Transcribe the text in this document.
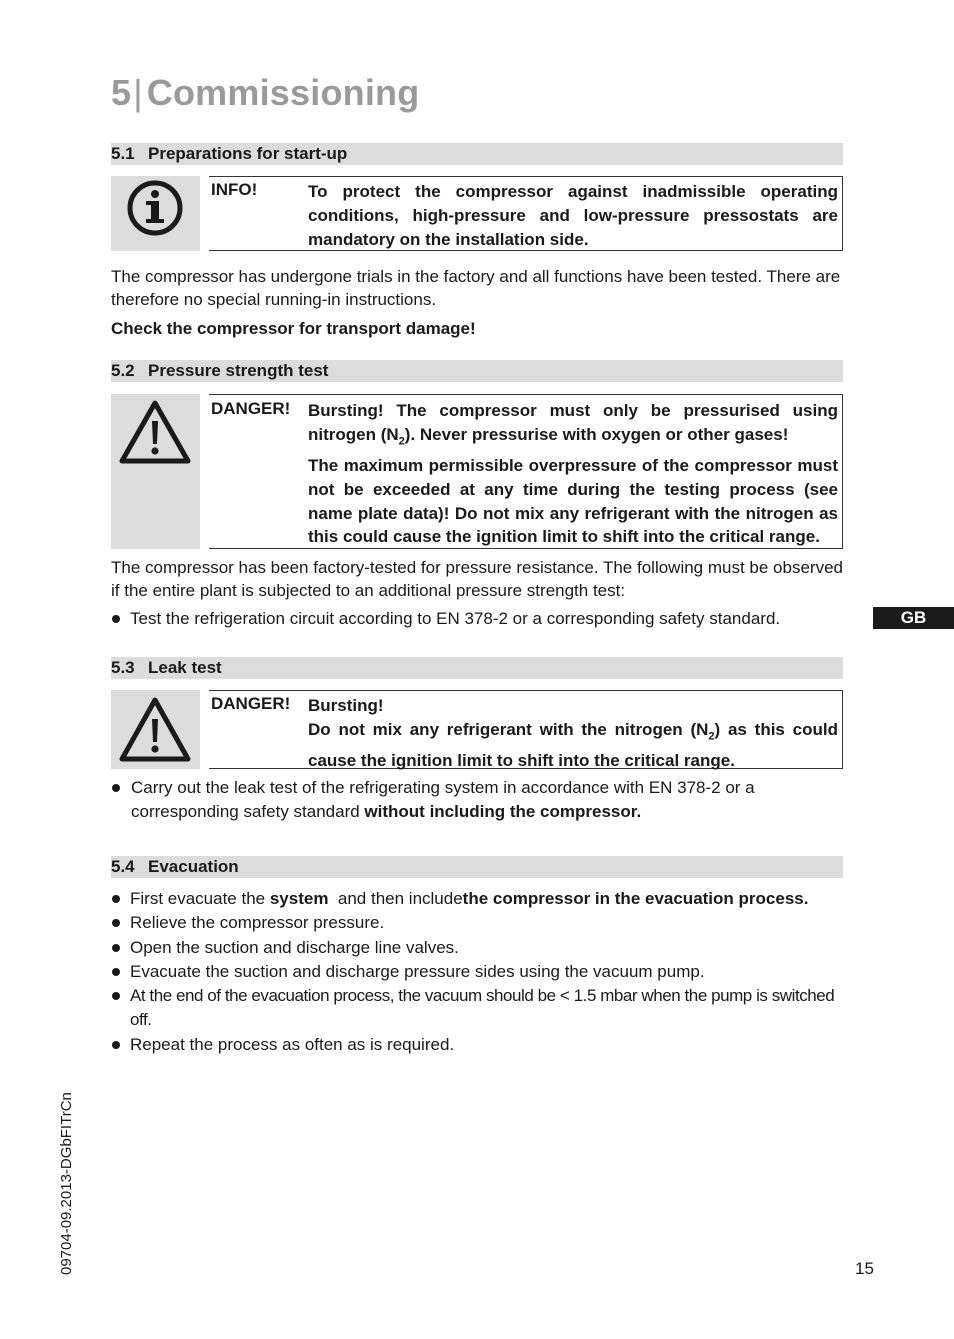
5| Commissioning
5.1 Preparations for start-up
INFO!	To protect the compressor against inadmissible operating conditions, high-pressure and low-pressure pressostats are mandatory on the installation side.
The compressor has undergone trials in the factory and all functions have been tested. There are therefore no special running-in instructions.
Check the compressor for transport damage!
5.2 Pressure strength test
DANGER! Bursting! The compressor must only be pressurised using nitrogen $(N_2)$. Never pressurise with oxygen or other gases!
The maximum permissible overpressure of the compressor must not be exceeded at any time during the testing process (see name plate data)! Do not mix any refrigerant with the nitrogen as this could cause the ignition limit to shift into the critical range.
The compressor has been factory-tested for pressure resistance. The following must be observed if the entire plant is subjected to an additional pressure strength test:
Test the refrigeration circuit according to EN 378-2 or a corresponding safety standard.
5.3 Leak test
DANGER! Bursting!
Do not mix any refrigerant with the nitrogen $(N_2)$ as this could cause the ignition limit to shift into the critical range.
Carry out the leak test of the refrigerating system in accordance with EN 378-2 or a corresponding safety standard without including the compressor.
5.4 Evacuation
First evacuate the system  and then includethe compressor in the evacuation process.
Relieve the compressor pressure.
Open the suction and discharge line valves.
Evacuate the suction and discharge pressure sides using the vacuum pump.
At the end of the evacuation process, the vacuum should be < 1.5 mbar when the pump is switched off.
Repeat the process as often as is required.
GB
09704-09.2013-DGbFITrCn	15
